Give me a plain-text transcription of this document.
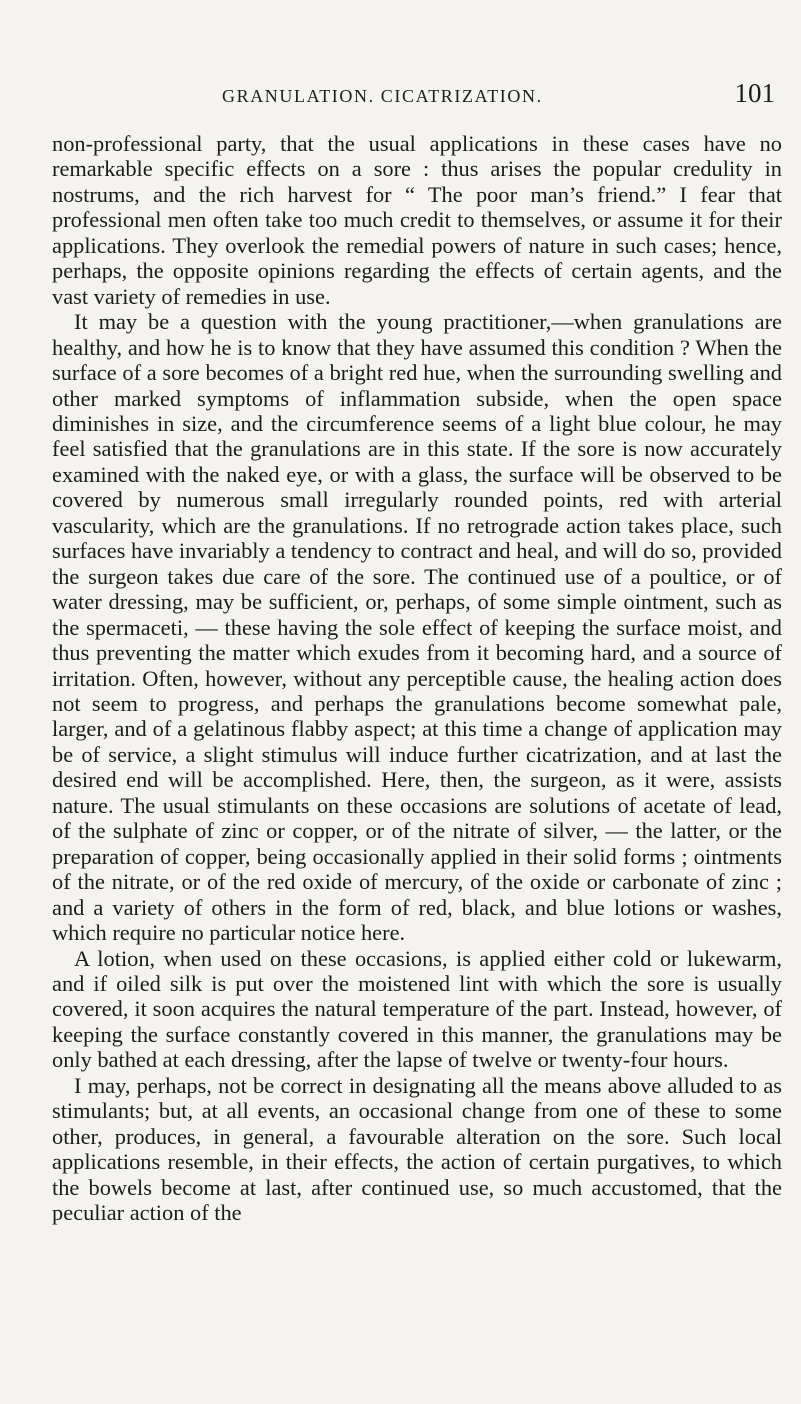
GRANULATION. CICATRIZATION.	101

non-professional party, that the usual applications in these cases have no remarkable specific effects on a sore : thus arises the popular credulity in nostrums, and the rich harvest for “ The poor man’s friend.” I fear that professional men often take too much credit to themselves, or assume it for their applications. They overlook the remedial powers of nature in such cases; hence, perhaps, the opposite opinions regarding the effects of certain agents, and the vast variety of remedies in use.

It may be a question with the young practitioner,—when granulations are healthy, and how he is to know that they have assumed this condition ? When the surface of a sore becomes of a bright red hue, when the surrounding swelling and other marked symptoms of inflammation subside, when the open space diminishes in size, and the circumference seems of a light blue colour, he may feel satisfied that the granulations are in this state. If the sore is now accurately examined with the naked eye, or with a glass, the surface will be observed to be covered by numerous small irregularly rounded points, red with arterial vascularity, which are the granulations. If no retrograde action takes place, such surfaces have invariably a tendency to contract and heal, and will do so, provided the surgeon takes due care of the sore. The continued use of a poultice, or of water dressing, may be sufficient, or, perhaps, of some simple ointment, such as the spermaceti, — these having the sole effect of keeping the surface moist, and thus preventing the matter which exudes from it becoming hard, and a source of irritation. Often, however, without any perceptible cause, the healing action does not seem to progress, and perhaps the granulations become somewhat pale, larger, and of a gelatinous flabby aspect; at this time a change of application may be of service, a slight stimulus will induce further cicatrization, and at last the desired end will be accomplished. Here, then, the surgeon, as it were, assists nature. The usual stimulants on these occasions are solutions of acetate of lead, of the sulphate of zinc or copper, or of the nitrate of silver, — the latter, or the preparation of copper, being occasionally applied in their solid forms ; ointments of the nitrate, or of the red oxide of mercury, of the oxide or carbonate of zinc ; and a variety of others in the form of red, black, and blue lotions or washes, which require no particular notice here.

A lotion, when used on these occasions, is applied either cold or lukewarm, and if oiled silk is put over the moistened lint with which the sore is usually covered, it soon acquires the natural temperature of the part. Instead, however, of keeping the surface constantly covered in this manner, the granulations may be only bathed at each dressing, after the lapse of twelve or twenty-four hours.

I may, perhaps, not be correct in designating all the means above alluded to as stimulants; but, at all events, an occasional change from one of these to some other, produces, in general, a favourable alteration on the sore. Such local applications resemble, in their effects, the action of certain purgatives, to which the bowels become at last, after continued use, so much accustomed, that the peculiar action of the
